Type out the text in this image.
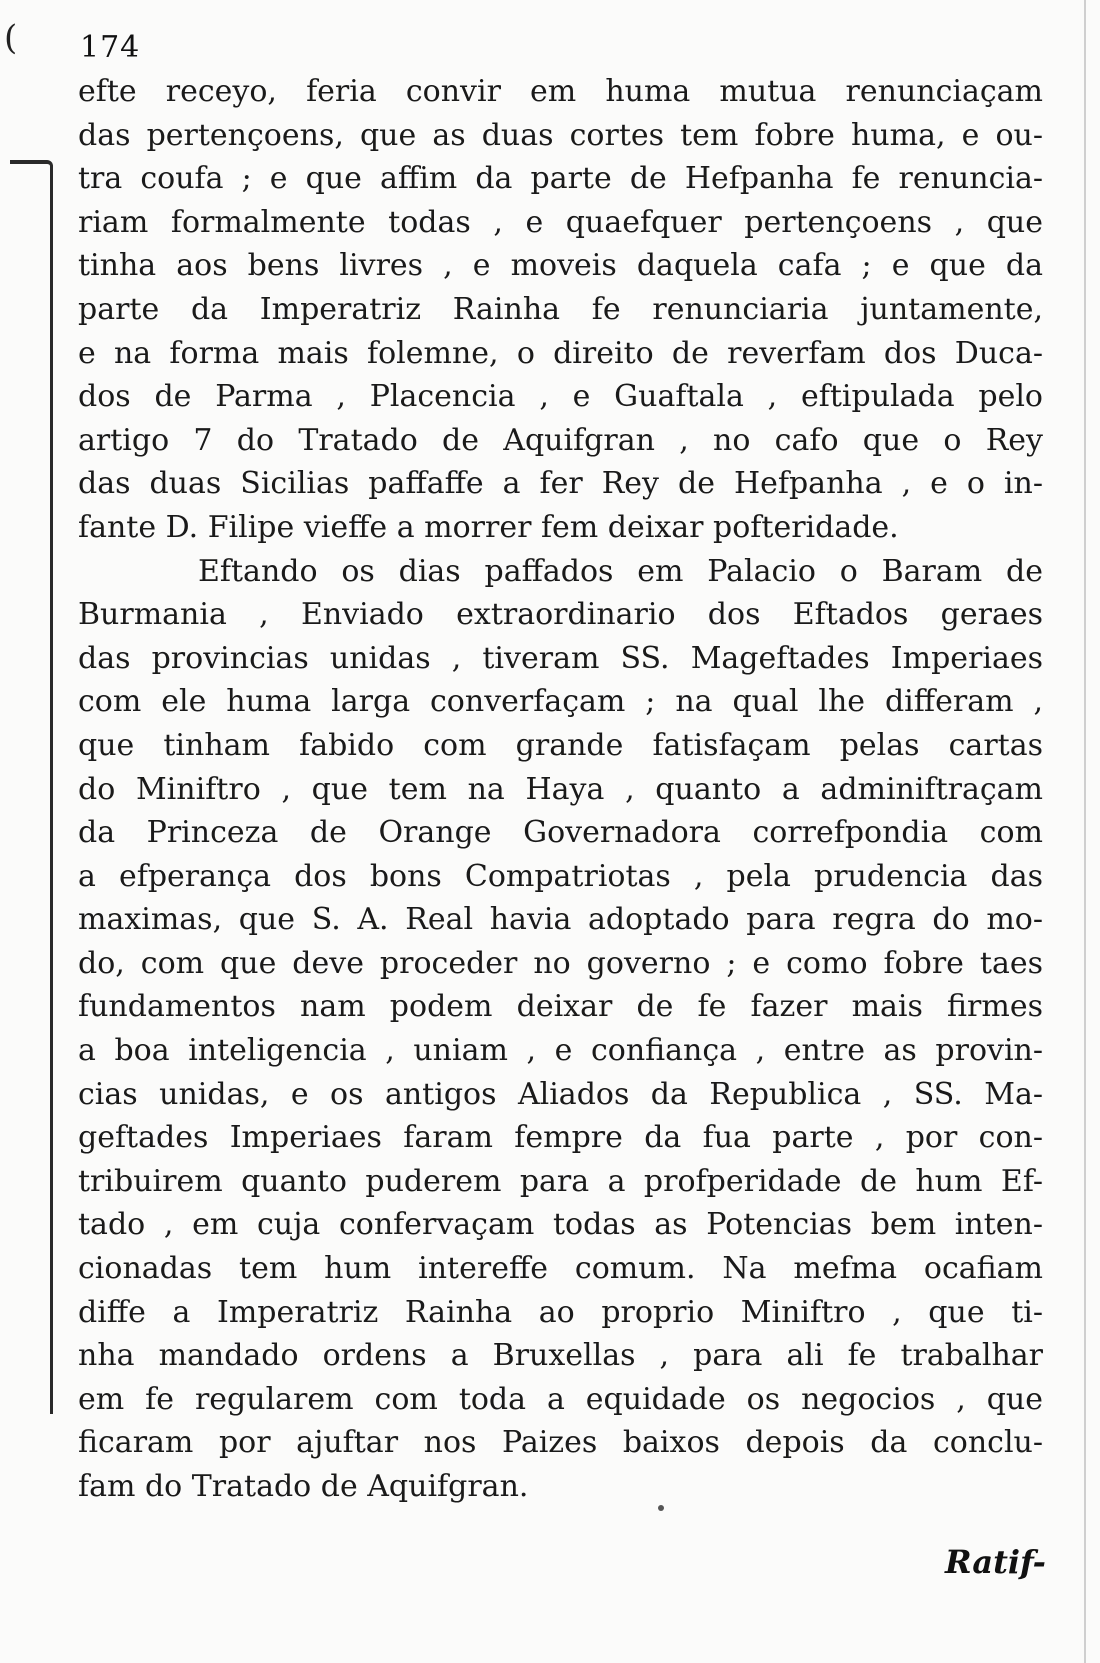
( 174
efte receyo, feria convir em huma mutua renunciaçam
das pertençoens, que as duas cortes tem fobre huma, e ou-
tra coufa ; e que affim da parte de Hefpanha fe renuncia-
riam formalmente todas , e quaefquer pertençoens , que
tinha aos bens livres , e moveis daquela cafa ; e que da
parte da Imperatriz Rainha fe renunciaria juntamente,
e na forma mais folemne, o direito de reverfam dos Duca-
dos de Parma , Placencia , e Guaftala , eftipulada pelo
artigo 7 do Tratado de Aquifgran , no cafo que o Rey
das duas Sicilias paffaffe a fer Rey de Hefpanha , e o in-
fante D. Filipe vieffe a morrer fem deixar pofteridade.
Eftando os dias paffados em Palacio o Baram de
Burmania , Enviado extraordinario dos Eftados geraes
das provincias unidas , tiveram SS. Mageftades Imperiaes
com ele huma larga converfaçam ; na qual lhe differam ,
que tinham fabido com grande fatisfaçam pelas cartas
do Miniftro , que tem na Haya , quanto a adminiftraçam
da Princeza de Orange Governadora correfpondia com
a efperança dos bons Compatriotas , pela prudencia das
maximas, que S. A. Real havia adoptado para regra do mo-
do, com que deve proceder no governo ; e como fobre taes
fundamentos nam podem deixar de fe fazer mais firmes
a boa inteligencia , uniam , e confiança , entre as provin-
cias unidas, e os antigos Aliados da Republica , SS. Ma-
geftades Imperiaes faram fempre da fua parte , por con-
tribuirem quanto puderem para a profperidade de hum Ef-
tado , em cuja confervaçam todas as Potencias bem inten-
cionadas tem hum intereffe comum. Na mefma ocafiam
diffe a Imperatriz Rainha ao proprio Miniftro , que ti-
nha mandado ordens a Bruxellas , para ali fe trabalhar
em fe regularem com toda a equidade os negocios , que
ficaram por ajuftar nos Paizes baixos depois da conclu-
fam do Tratado de Aquifgran.
Ratif-
